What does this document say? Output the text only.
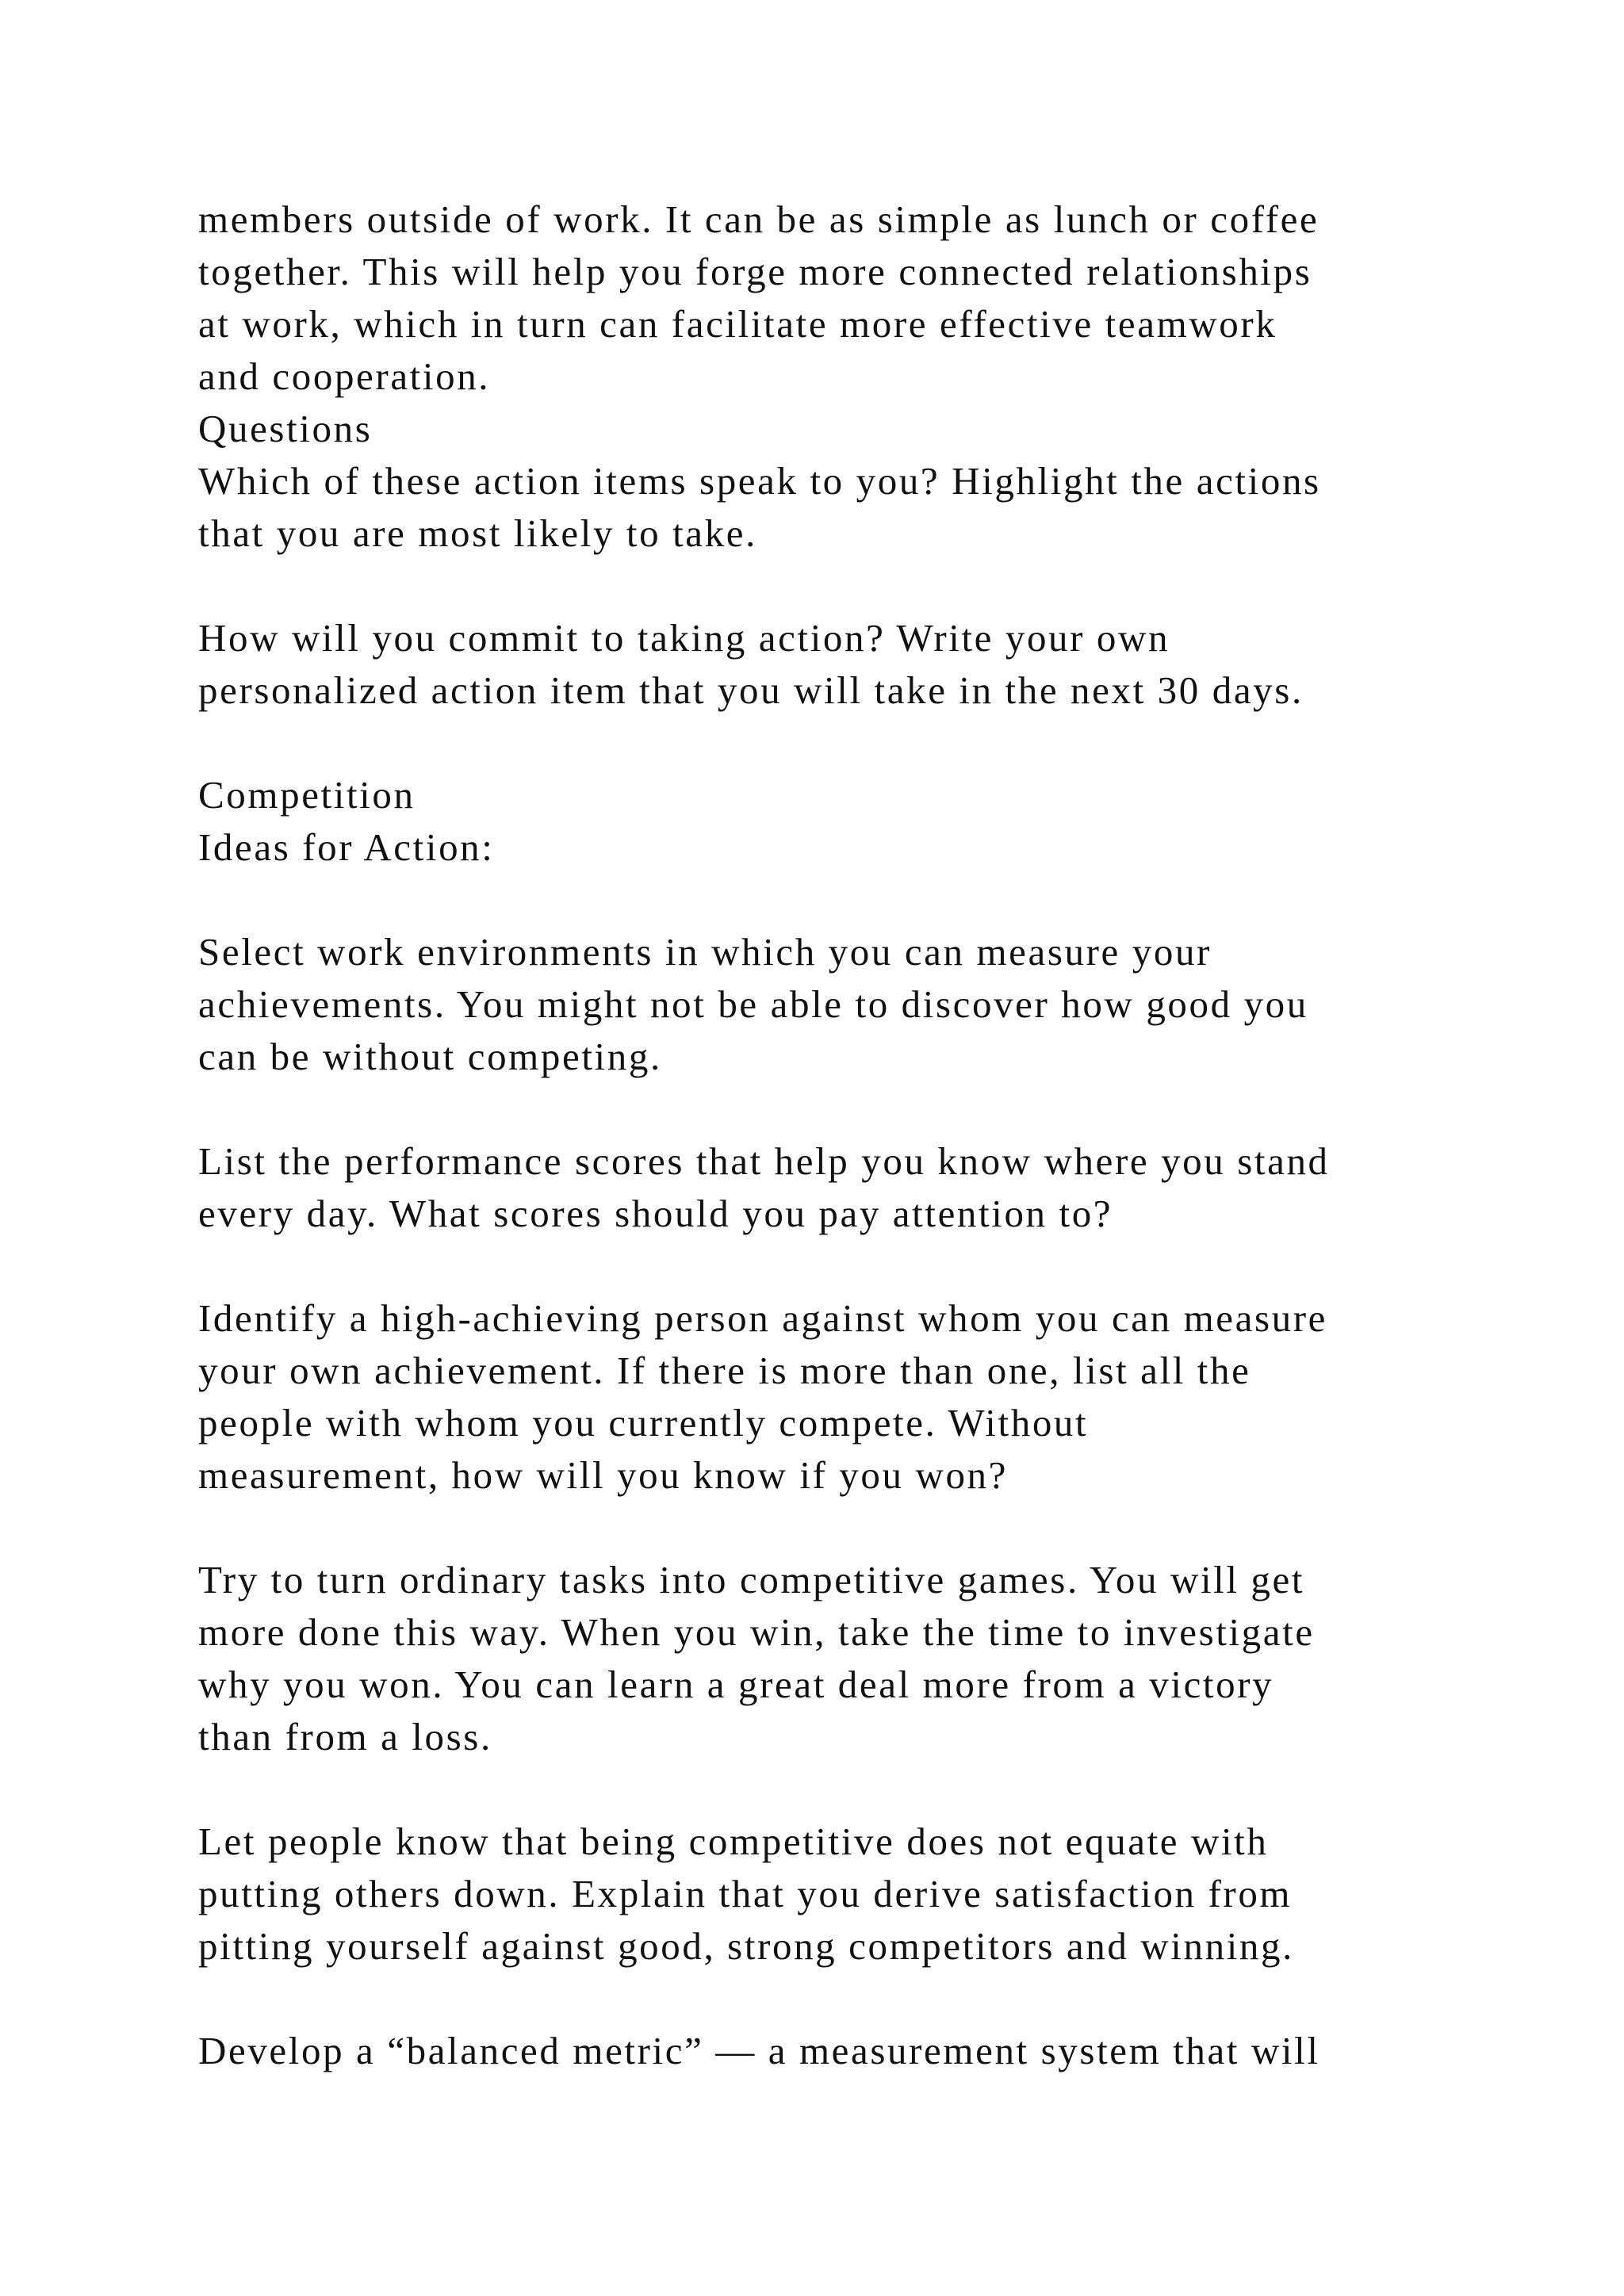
members outside of work. It can be as simple as lunch or coffee
together. This will help you forge more connected relationships
at work, which in turn can facilitate more effective teamwork
and cooperation.
Questions
Which of these action items speak to you? Highlight the actions
that you are most likely to take.
How will you commit to taking action? Write your own
personalized action item that you will take in the next 30 days.
Competition
Ideas for Action:
Select work environments in which you can measure your
achievements. You might not be able to discover how good you
can be without competing.
List the performance scores that help you know where you stand
every day. What scores should you pay attention to?
Identify a high-achieving person against whom you can measure
your own achievement. If there is more than one, list all the
people with whom you currently compete. Without
measurement, how will you know if you won?
Try to turn ordinary tasks into competitive games. You will get
more done this way. When you win, take the time to investigate
why you won. You can learn a great deal more from a victory
than from a loss.
Let people know that being competitive does not equate with
putting others down. Explain that you derive satisfaction from
pitting yourself against good, strong competitors and winning.
Develop a “balanced metric” — a measurement system that will
